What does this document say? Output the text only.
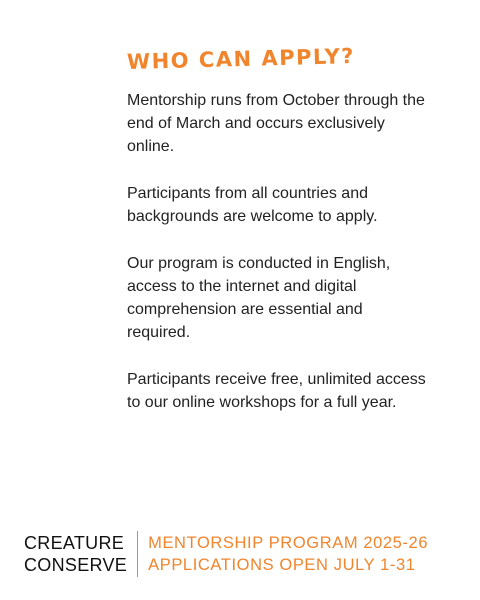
WHO CAN APPLY?

Mentorship runs from October through the end of March and occurs exclusively online.

Participants from all countries and backgrounds are welcome to apply.

Our program is conducted in English, access to the internet and digital comprehension are essential and required.

Participants receive free, unlimited access to our online workshops for a full year.

CREATURE
CONSERVE
MENTORSHIP PROGRAM 2025-26
APPLICATIONS OPEN JULY 1-31
